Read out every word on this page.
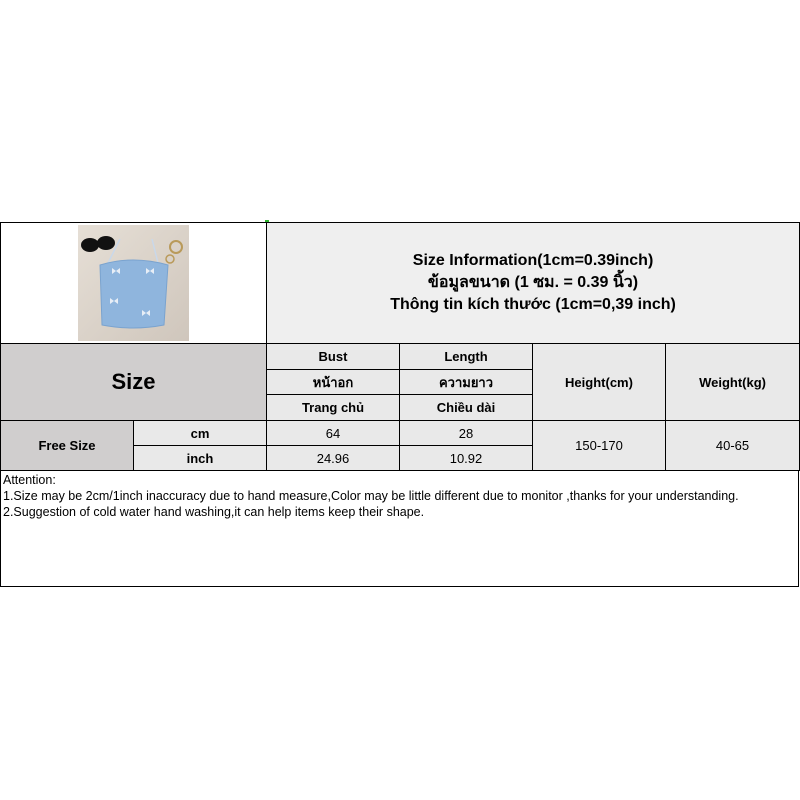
Size Information(1cm=0.39inch)
ข้อมูลขนาด (1 ซม. = 0.39 นิ้ว)
Thông tin kích thước (1cm=0,39 inch)			

Size		Bust	Length	Height(cm)	Weight(kg)
		หน้าอก	ความยาว		
		Trang chủ	Chiều dài		
Free Size	cm	64	28	150-170	40-65
	inch	24.96	10.92		
Attention:
1.Size may be 2cm/1inch inaccuracy due to hand measure,Color may be little different due to monitor ,thanks for your understanding.
2.Suggestion of cold water hand washing,it can help items keep their shape.
